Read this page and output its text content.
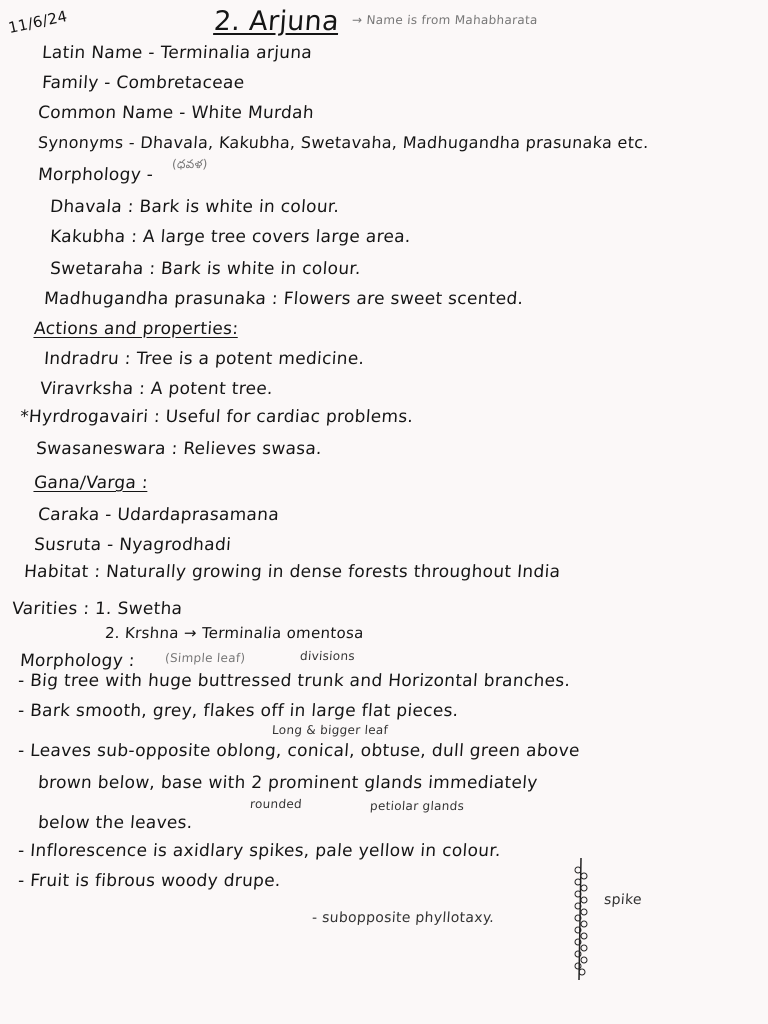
11/6/24	2. Arjuna → Name is from Mahabharata
Latin Name - Terminalia arjuna
Family - Combretaceae
Common Name - White Murdah
Synonyms - Dhavala, Kakubha, Swetavaha, Madhugandha prasunaka etc.
Morphology -
(ధవళ)
Dhavala : Bark is white in colour.
Kakubha : A large tree covers large area.
Swetaraha : Bark is white in colour.
Madhugandha prasunaka : Flowers are sweet scented.
Actions and properties:
Indradru : Tree is a potent medicine.
Viravrksha : A potent tree.
*Hyrdrogavairi : Useful for cardiac problems.
Swasaneswara : Relieves swasa.
Gana/Varga :
Caraka - Udardaprasamana
Susruta - Nyagrodhadi
Habitat : Naturally growing in dense forests throughout India
Varities : 1. Swetha
2. Krshna → Terminalia omentosa
Morphology : (Simple leaf)	divisions
- Big tree with huge buttressed trunk and Horizontal branches.
- Bark smooth, grey, flakes off in large flat pieces.
Long & bigger leaf
- Leaves sub-opposite oblong, conical, obtuse, dull green above
brown below, base with 2 prominent glands immediately
rounded	petiolar glands
below the leaves.
- Inflorescence is axidlary spikes, pale yellow in colour.
- Fruit is fibrous woody drupe.
- subopposite phyllotaxy.
spike
